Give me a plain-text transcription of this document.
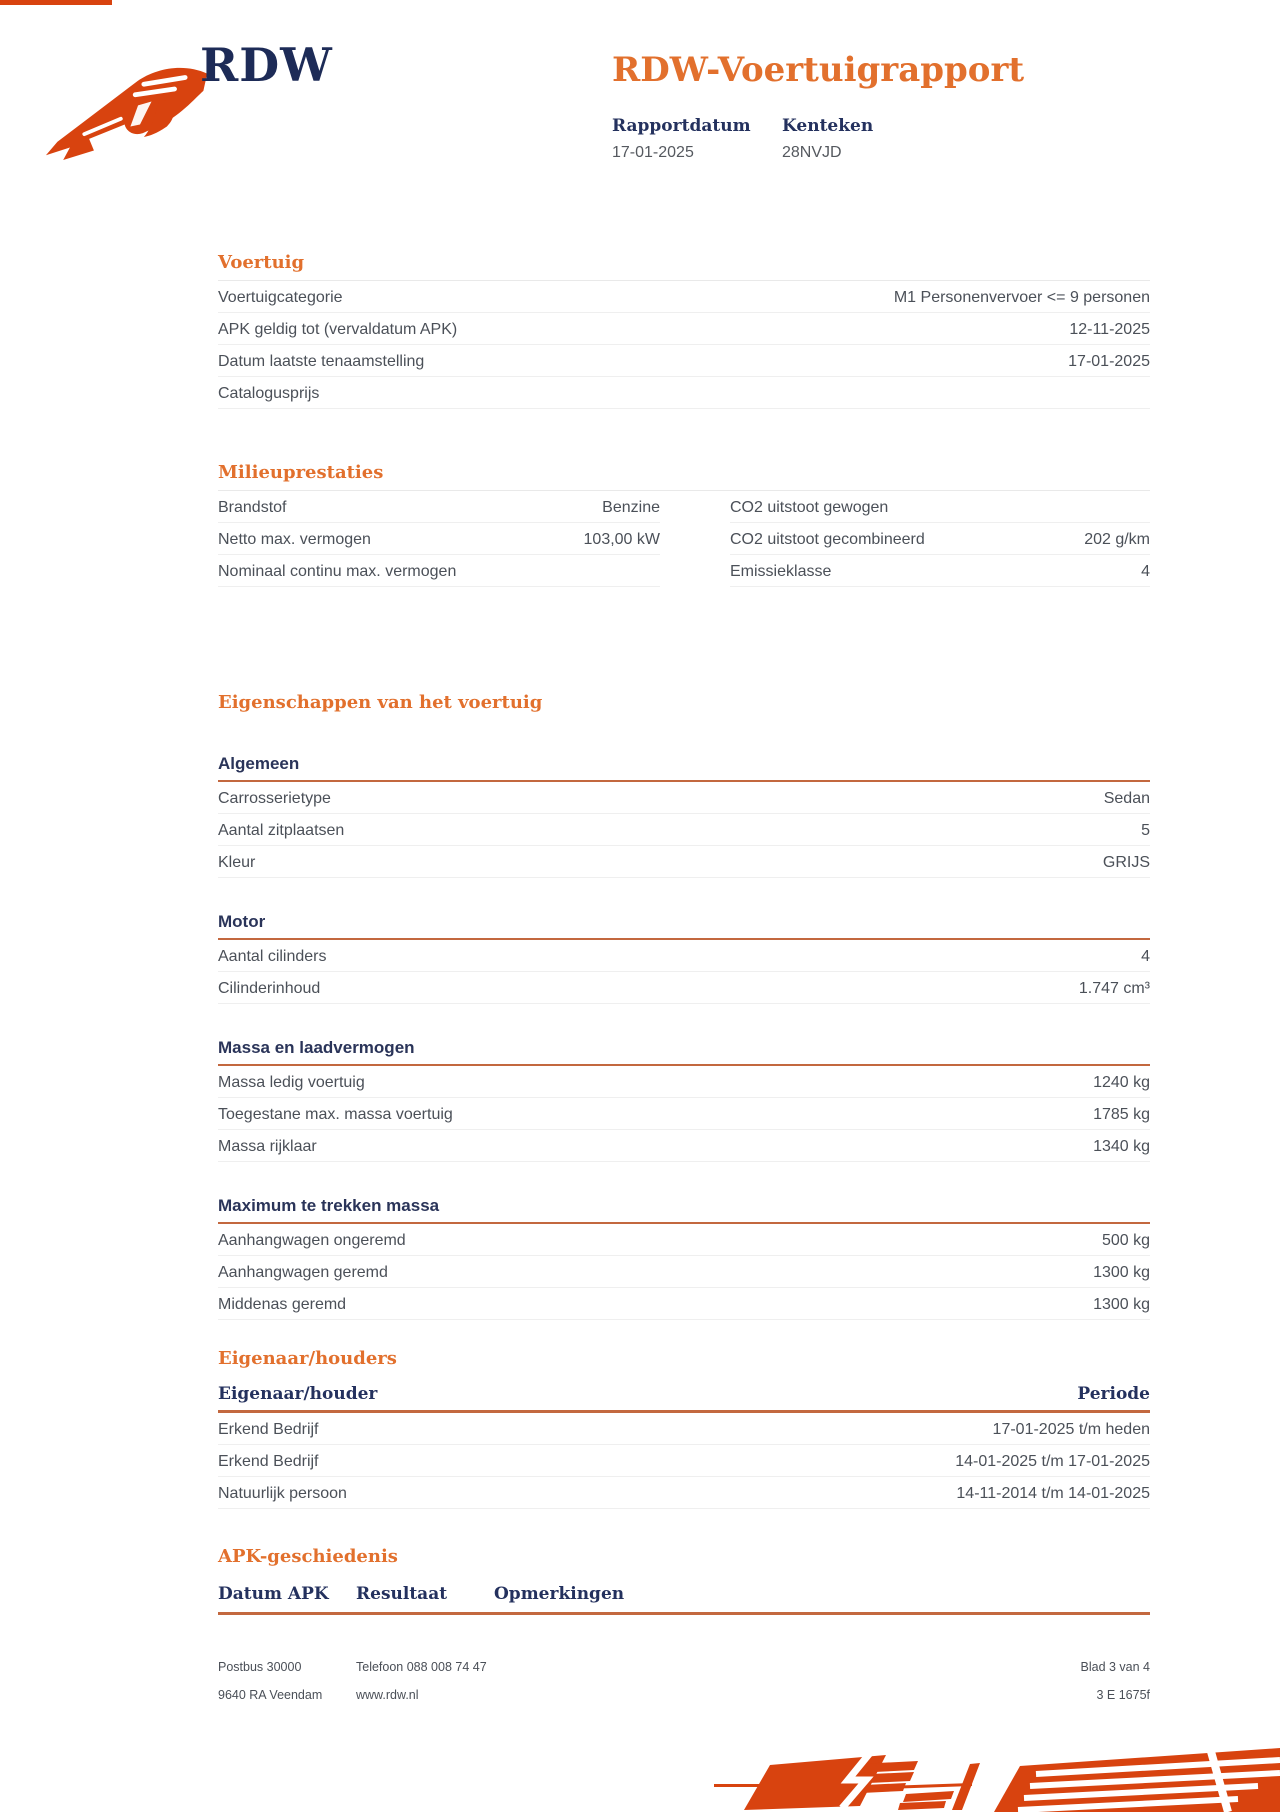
RDW	RDW-Voertuigrapport
Rapportdatum
17-01-2025
Kenteken
28NVJD
Voertuig
Voertuigcategorie	M1 Personenvervoer <= 9 personen
APK geldig tot (vervaldatum APK)	12-11-2025
Datum laatste tenaamstelling	17-01-2025
Catalogusprijs
Milieuprestaties
Brandstof	Benzine
Netto max. vermogen	103,00 kW
Nominaal continu max. vermogen
CO2 uitstoot gewogen
CO2 uitstoot gecombineerd	202 g/km
Emissieklasse	4
Eigenschappen van het voertuig
Algemeen
Carrosserietype	Sedan
Aantal zitplaatsen	5
Kleur	GRIJS
Motor
Aantal cilinders	4
Cilinderinhoud	1.747 cm³
Massa en laadvermogen
Massa ledig voertuig	1240 kg
Toegestane max. massa voertuig	1785 kg
Massa rijklaar	1340 kg
Maximum te trekken massa
Aanhangwagen ongeremd	500 kg
Aanhangwagen geremd	1300 kg
Middenas geremd	1300 kg
Eigenaar/houders
Eigenaar/houder	Periode
Erkend Bedrijf	17-01-2025 t/m heden
Erkend Bedrijf	14-01-2025 t/m 17-01-2025
Natuurlijk persoon	14-11-2014 t/m 14-01-2025
APK-geschiedenis
Datum APK	Resultaat	Opmerkingen
Postbus 30000	Telefoon 088 008 74 47	Blad 3 van 4
9640 RA Veendam	www.rdw.nl	3 E 1675f
